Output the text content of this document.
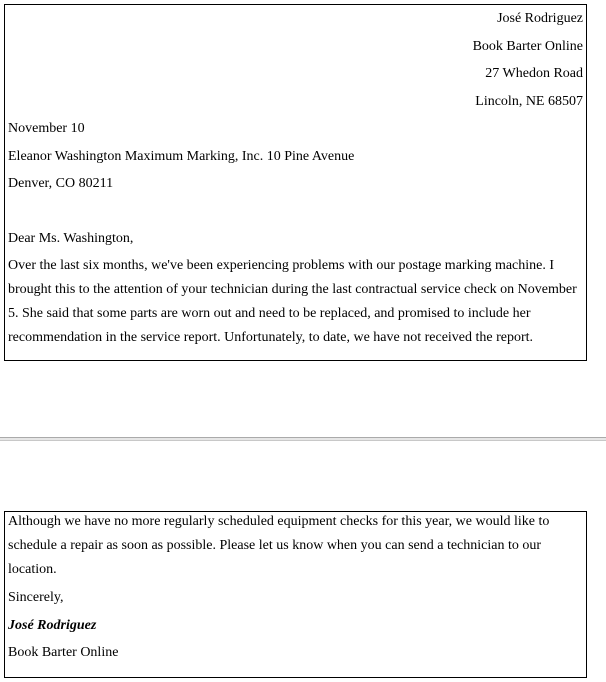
José Rodriguez
Book Barter Online
27 Whedon Road
Lincoln, NE 68507
November 10
Eleanor Washington Maximum Marking, Inc. 10 Pine Avenue
Denver, CO 80211
Dear Ms. Washington,
Over the last six months, we've been experiencing problems with our postage marking machine. I brought this to the attention of your technician during the last contractual service check on November 5. She said that some parts are worn out and need to be replaced, and promised to include her recommendation in the service report. Unfortunately, to date, we have not received the report.
Although we have no more regularly scheduled equipment checks for this year, we would like to schedule a repair as soon as possible. Please let us know when you can send a technician to our location.
Sincerely,
José Rodriguez
Book Barter Online
